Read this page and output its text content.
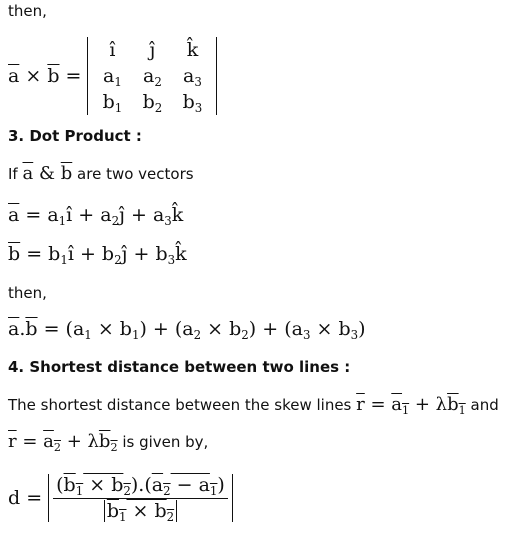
then,
$\overline{a} \times \overline{b}$ =
î ĵ k̂
$a_1$ $a_2$ $a_3$
$b_1$ $b_2$ $b_3$
3. Dot Product :
If $\overline{a}$ & $\overline{b}$ are two vectors
$\overline{a}$ = $a_1î$ + $a_2ĵ$ + $a_3k̂$
$\overline{b}$ = $b_1î$ + $b_2ĵ$ + $b_3k̂$
then,
$\overline{a}.\overline{b} = (a_1 \times b_1) + (a_2 \times b_2) + (a_3 \times b_3)$
4. Shortest distance between two lines :
The shortest distance between the skew lines $\overline{r} = a_1 + \lambda b_1$ and
$\overline{r} = a_2 + \lambda b_2$ is given by,
$d = \frac{(b_1 \times b_2).(a_2 - a_1)}{b_1 \times b_2}$
